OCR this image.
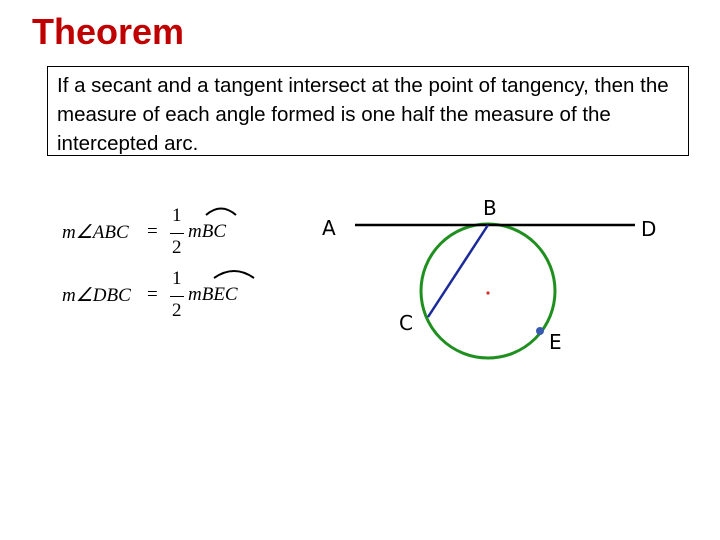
Theorem
If a secant and a tangent intersect at the point of tangency, then the measure of each angle formed is one half the measure of the intercepted arc.
m∠ABC =
1
2
mBC
m∠DBC =
1
2
mBEC
A
B
C
D
E
